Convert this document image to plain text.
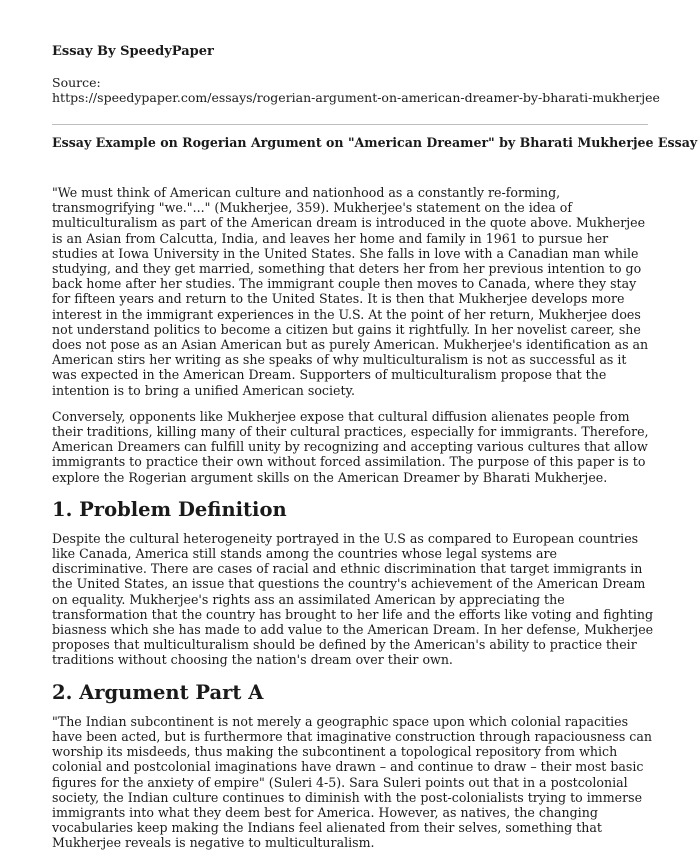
Essay By SpeedyPaper
Source:
https://speedypaper.com/essays/rogerian-argument-on-american-dreamer-by-bharati-mukherjee
Essay Example on Rogerian Argument on "American Dreamer" by Bharati Mukherjee Essay

"We must think of American culture and nationhood as a constantly re-forming, transmogrifying "we."..." (Mukherjee, 359). Mukherjee's statement on the idea of multiculturalism as part of the American dream is introduced in the quote above. Mukherjee is an Asian from Calcutta, India, and leaves her home and family in 1961 to pursue her studies at Iowa University in the United States. She falls in love with a Canadian man while studying, and they get married, something that deters her from her previous intention to go back home after her studies. The immigrant couple then moves to Canada, where they stay for fifteen years and return to the United States. It is then that Mukherjee develops more interest in the immigrant experiences in the U.S. At the point of her return, Mukherjee does not understand politics to become a citizen but gains it rightfully. In her novelist career, she does not pose as an Asian American but as purely American. Mukherjee's identification as an American stirs her writing as she speaks of why multiculturalism is not as successful as it was expected in the American Dream. Supporters of multiculturalism propose that the intention is to bring a unified American society.

Conversely, opponents like Mukherjee expose that cultural diffusion alienates people from their traditions, killing many of their cultural practices, especially for immigrants. Therefore, American Dreamers can fulfill unity by recognizing and accepting various cultures that allow immigrants to practice their own without forced assimilation. The purpose of this paper is to explore the Rogerian argument skills on the American Dreamer by Bharati Mukherjee.

1. Problem Definition

Despite the cultural heterogeneity portrayed in the U.S as compared to European countries like Canada, America still stands among the countries whose legal systems are discriminative. There are cases of racial and ethnic discrimination that target immigrants in the United States, an issue that questions the country's achievement of the American Dream on equality. Mukherjee's rights ass an assimilated American by appreciating the transformation that the country has brought to her life and the efforts like voting and fighting biasness which she has made to add value to the American Dream. In her defense, Mukherjee proposes that multiculturalism should be defined by the American's ability to practice their traditions without choosing the nation's dream over their own.

2. Argument Part A

"The Indian subcontinent is not merely a geographic space upon which colonial rapacities have been acted, but is furthermore that imaginative construction through rapaciousness can worship its misdeeds, thus making the subcontinent a topological repository from which colonial and postcolonial imaginations have drawn – and continue to draw – their most basic figures for the anxiety of empire" (Suleri 4-5). Sara Suleri points out that in a postcolonial society, the Indian culture continues to diminish with the post-colonialists trying to immerse immigrants into what they deem best for America. However, as natives, the changing vocabularies keep making the Indians feel alienated from their selves, something that Mukherjee reveals is negative to multiculturalism.
